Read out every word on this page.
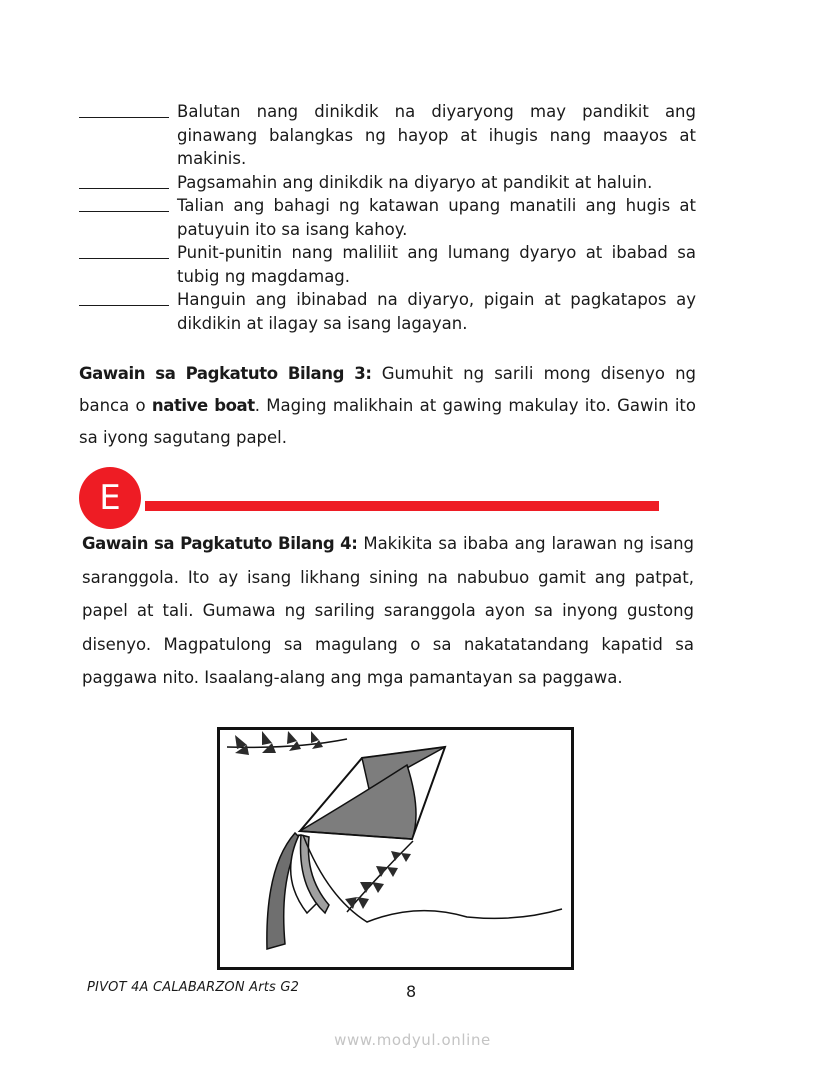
Balutan nang dinikdik na diyaryong may pandikit ang ginawang balangkas ng hayop at ihugis nang maayos at makinis.
Pagsamahin ang dinikdik na diyaryo at pandikit at haluin.
Talian ang bahagi ng katawan upang manatili ang hugis at patuyuin ito sa isang kahoy.
Punit-punitin nang maliliit ang lumang dyaryo at ibabad sa tubig ng magdamag.
Hanguin ang ibinabad na diyaryo, pigain at pagkatapos ay dikdikin at ilagay sa isang lagayan.

Gawain sa Pagkatuto Bilang 3: Gumuhit ng sarili mong disenyo ng banca o native boat. Maging malikhain at gawing makulay ito. Gawin ito sa iyong sagutang papel.

E

Gawain sa Pagkatuto Bilang 4: Makikita sa ibaba ang larawan ng isang saranggola. Ito ay isang likhang sining na nabubuo gamit ang patpat, papel at tali. Gumawa ng sariling saranggola ayon sa inyong gustong disenyo. Magpatulong sa magulang o sa nakatatandang kapatid sa paggawa nito. Isaalang-alang ang mga pamantayan sa paggawa.

PIVOT 4A CALABARZON Arts G2	8
www.modyul.online
